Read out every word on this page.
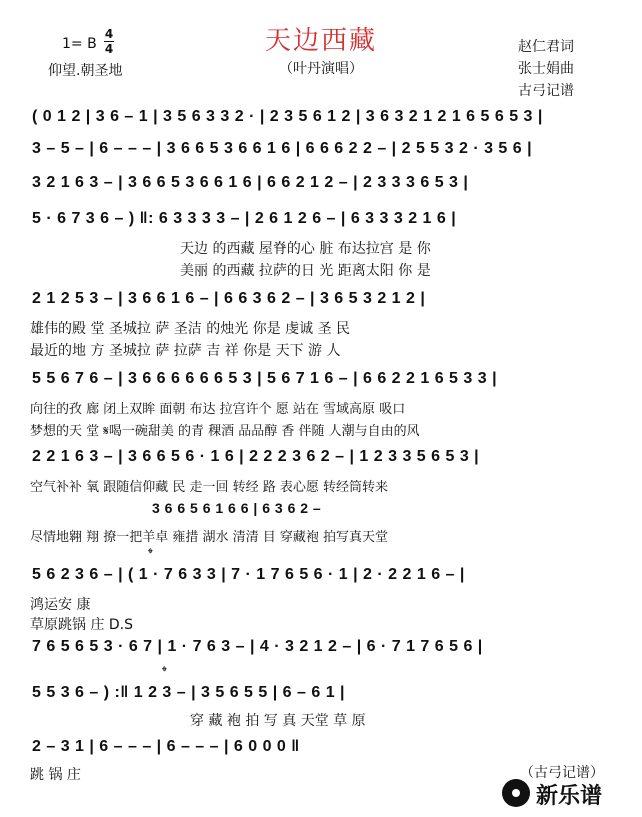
天边西藏
（叶丹演唱）
1= B
4
4
仰望.朝圣地
赵仁君词
张士娟曲
古弓记谱
( 0 1 2 | 3 6 – 1 | 3 5 6 3 3 2 · | 2 3 5 6 1 2 | 3 6 3 2 1 2 1 6 5 6 5 3 |
3 – 5 – | 6 – – – | 3 6 6 5 3 6 6 1 6 | 6 6 6 2 2 – | 2 5 5 3 2 · 3 5 6 |
3 2 1 6 3 – | 3 6 6 5 3 6 6 1 6 | 6 6 2 1 2 – | 2 3 3 3 6 5 3 |
5 · 6 7 3 6 – ) ‖: 6 3 3 3 3 – | 2 6 1 2 6 – | 6 3 3 3 2 1 6 |
天边 的西藏 屋脊的心 脏 布达拉宫 是 你
美丽 的西藏 拉萨的日 光 距离太阳 你 是
2 1 2 5 3 – | 3 6 6 1 6 – | 6 6 3 6 2 – | 3 6 5 3 2 1 2 |
雄伟的殿 堂 圣城拉 萨 圣洁 的烛光 你是 虔诚 圣 民
最近的地 方 圣城拉 萨 拉萨 吉 祥 你是 天下 游 人
5 5 6 7 6 – | 3 6 6 6 6 6 6 5 3 | 5 6 7 1 6 – | 6 6 2 2 1 6 5 3 3 |
向往的孜 廊 闭上双眸 面朝 布达 拉宫许个 愿 站在 雪域高原 吸口
梦想的天 堂 𝄋喝一碗甜美 的青 稞酒 品品醇 香 伴随 人潮与自由的风
2 2 1 6 3 – | 3 6 6 5 6 · 1 6 | 2 2 2 3 6 2 – | 1 2 3 3 5 6 5 3 |
空气补补 氧 跟随信仰藏 民 走一回 转经 路 表心愿 转经筒转来
3 6 6 5 6 1 6 6 | 6 3 6 2 –
尽情地翱 翔 撩一把羊卓 雍措 湖水 清清 目 穿藏袍 拍写真天堂
𝄌
5 6 2 3 6 – | ( 1 · 7 6 3 3 | 7 · 1 7 6 5 6 · 1 | 2 · 2 2 1 6 – |
鸿运安 康
草原跳锅 庄 D.S
7 6 5 6 5 3 · 6 7 | 1 · 7 6 3 – | 4 · 3 2 1 2 – | 6 · 7 1 7 6 5 6 |
𝄌
5 5 3 6 – ) :‖ 1 2 3 – | 3 5 6 5 5 | 6 – 6 1 |
穿 藏 袍 拍 写 真 天堂 草 原
2 – 3 1 | 6 – – – | 6 – – – | 6 0 0 0 ‖
跳 锅 庄	（古弓记谱）
新乐谱
